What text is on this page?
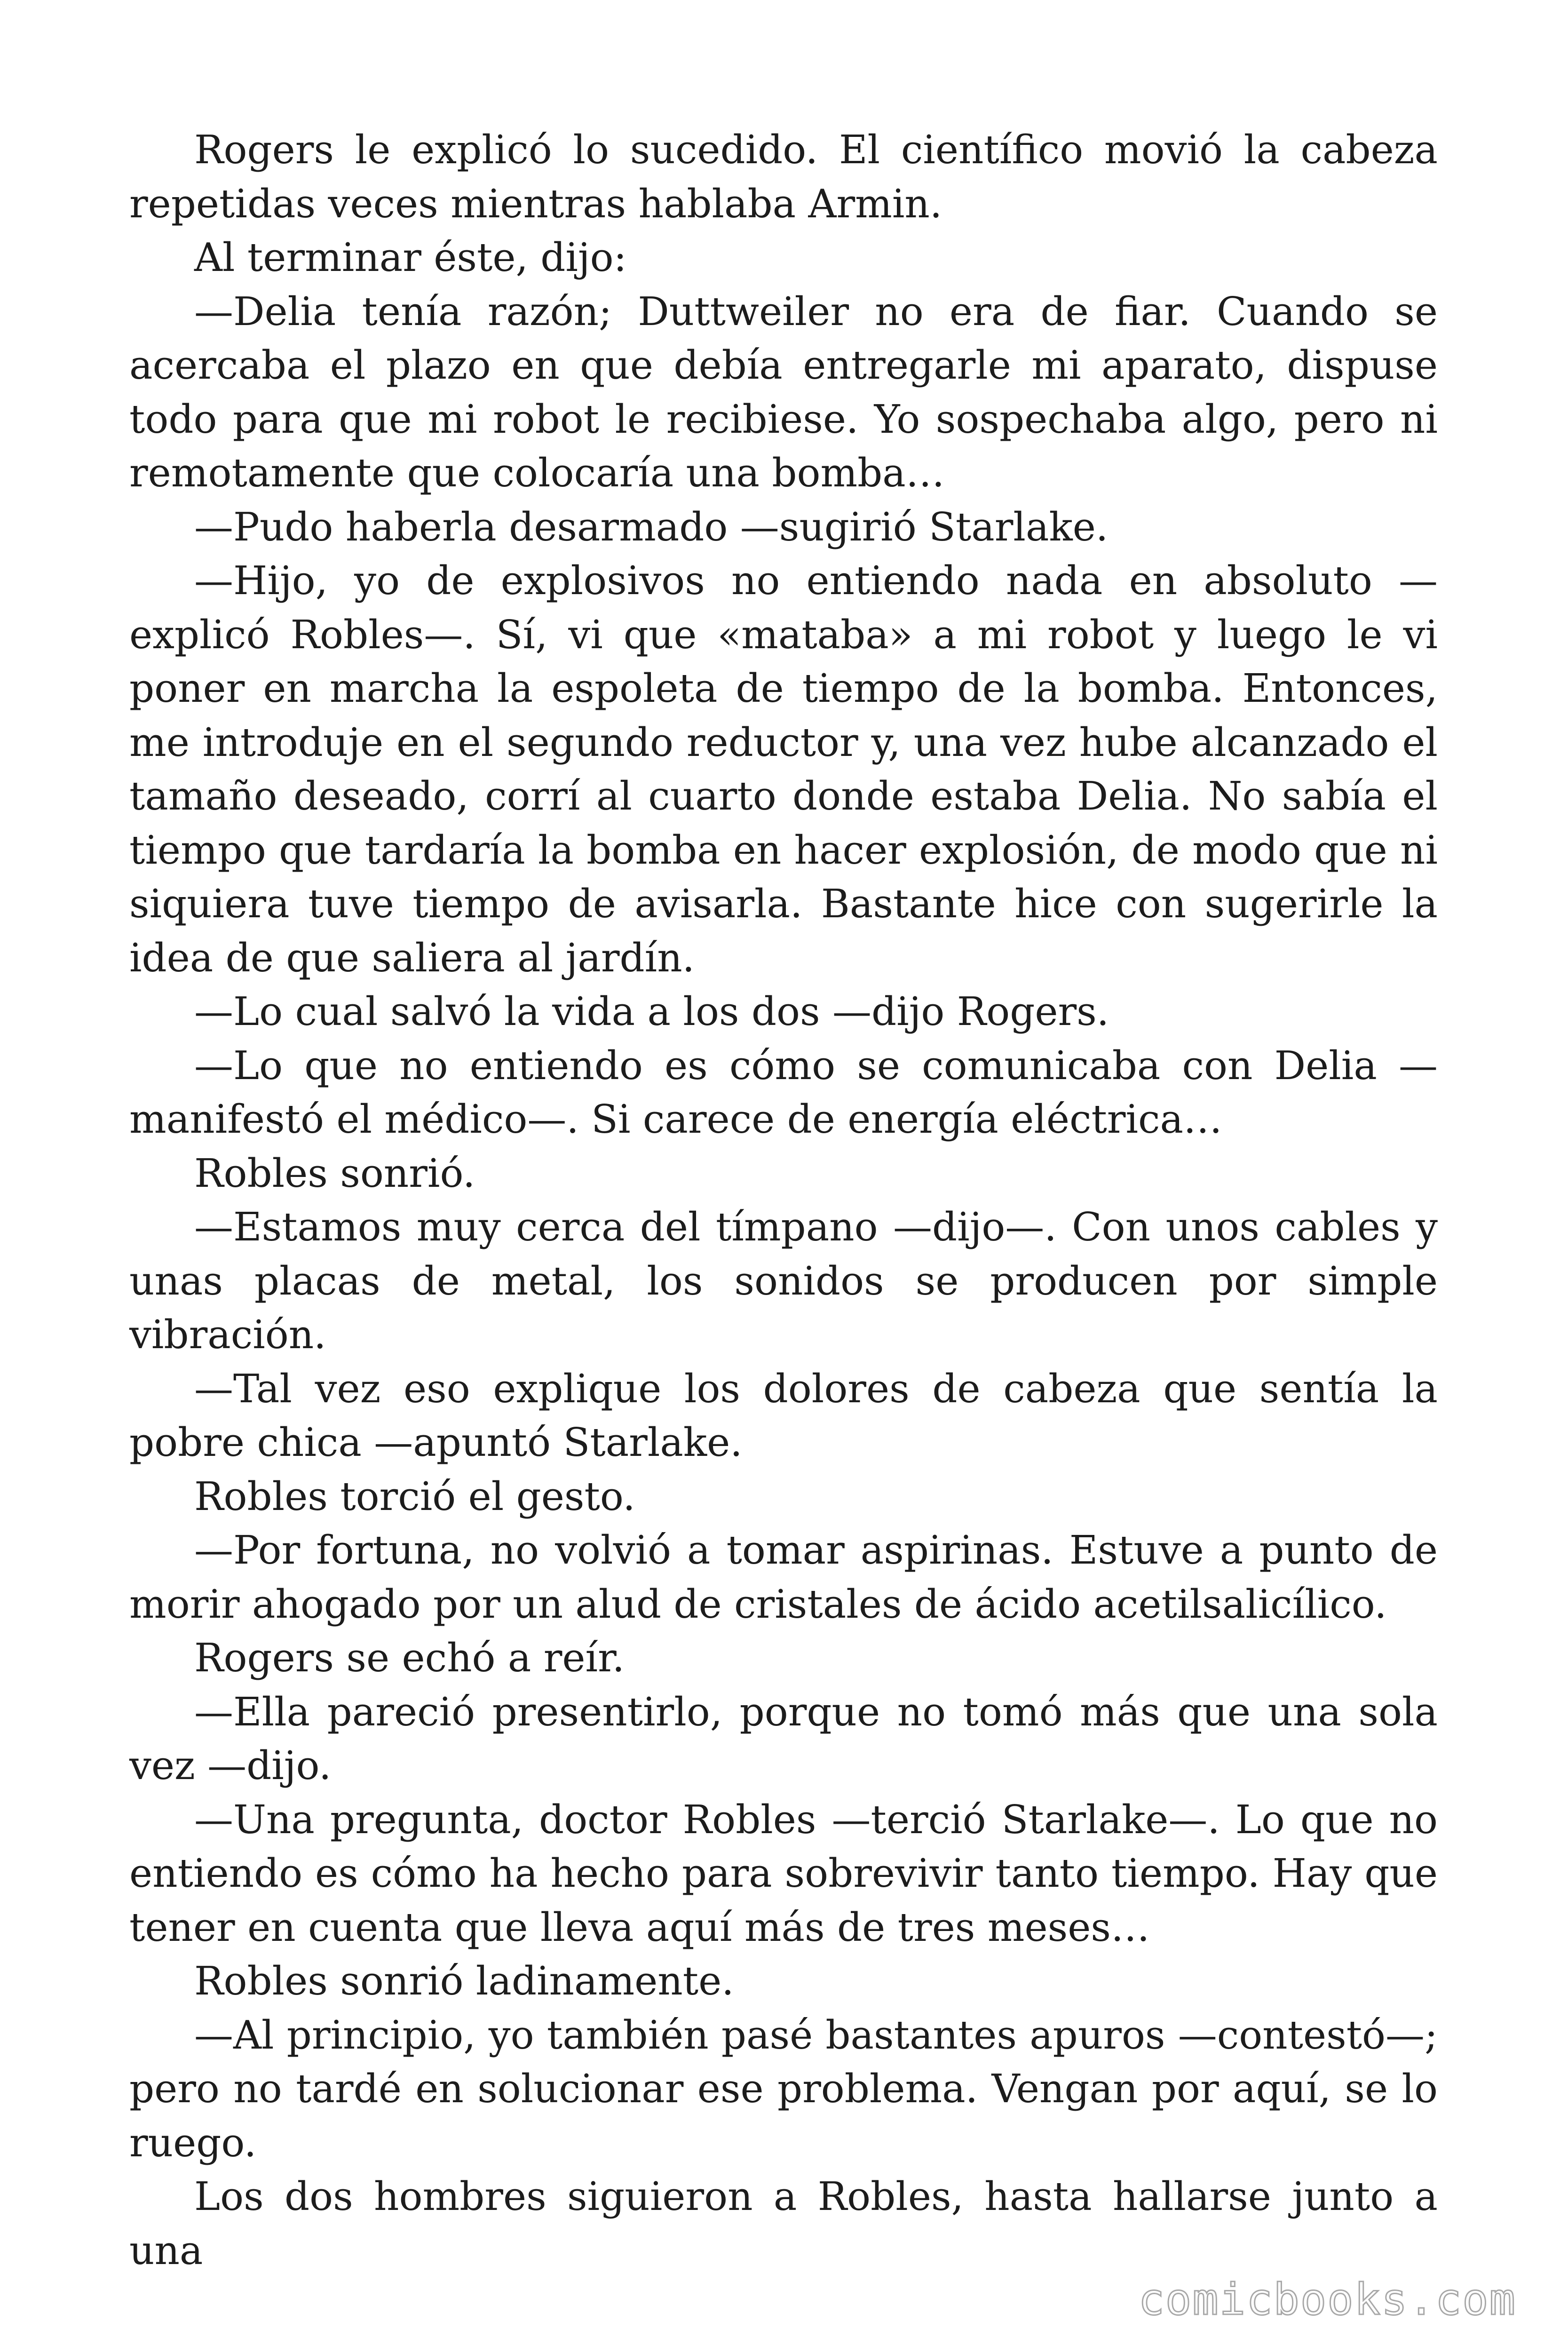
Rogers le explicó lo sucedido. El científico movió la cabeza repetidas veces mientras hablaba Armin.

Al terminar éste, dijo:

—Delia tenía razón; Duttweiler no era de fiar. Cuando se acercaba el plazo en que debía entregarle mi aparato, dispuse todo para que mi robot le recibiese. Yo sospechaba algo, pero ni remotamente que colocaría una bomba…

—Pudo haberla desarmado —sugirió Starlake.

—Hijo, yo de explosivos no entiendo nada en absoluto —explicó Robles—. Sí, vi que «mataba» a mi robot y luego le vi poner en marcha la espoleta de tiempo de la bomba. Entonces, me introduje en el segundo reductor y, una vez hube alcanzado el tamaño deseado, corrí al cuarto donde estaba Delia. No sabía el tiempo que tardaría la bomba en hacer explosión, de modo que ni siquiera tuve tiempo de avisarla. Bastante hice con sugerirle la idea de que saliera al jardín.

—Lo cual salvó la vida a los dos —dijo Rogers.

—Lo que no entiendo es cómo se comunicaba con Delia — manifestó el médico—. Si carece de energía eléctrica…

Robles sonrió.

—Estamos muy cerca del tímpano —dijo—. Con unos cables y unas placas de metal, los sonidos se producen por simple vibración.

—Tal vez eso explique los dolores de cabeza que sentía la pobre chica —apuntó Starlake.

Robles torció el gesto.

—Por fortuna, no volvió a tomar aspirinas. Estuve a punto de morir ahogado por un alud de cristales de ácido acetilsalicílico.

Rogers se echó a reír.

—Ella pareció presentirlo, porque no tomó más que una sola vez —dijo.

—Una pregunta, doctor Robles —terció Starlake—. Lo que no entiendo es cómo ha hecho para sobrevivir tanto tiempo. Hay que tener en cuenta que lleva aquí más de tres meses…

Robles sonrió ladinamente.

—Al principio, yo también pasé bastantes apuros —contestó—; pero no tardé en solucionar ese problema. Vengan por aquí, se lo ruego.

Los dos hombres siguieron a Robles, hasta hallarse junto a una

comicbooks.com
